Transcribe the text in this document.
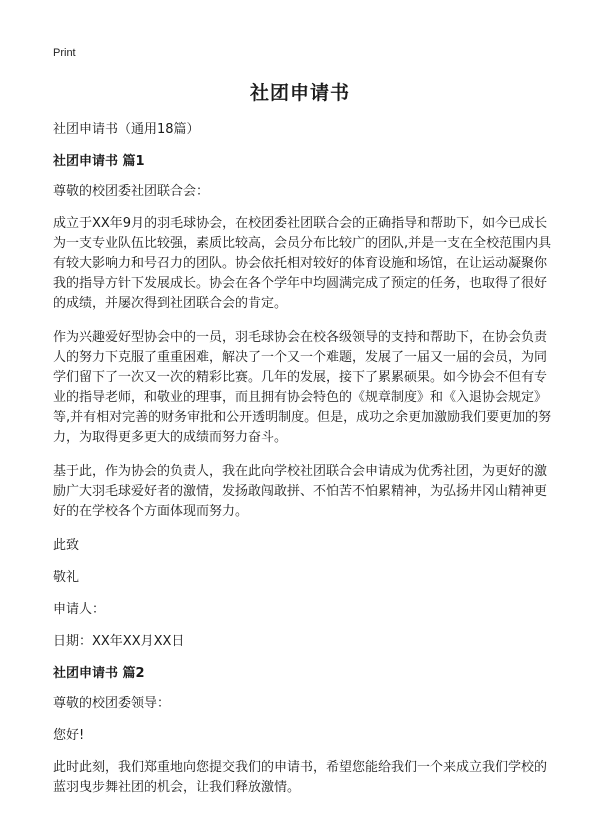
Print
社团申请书

社团申请书（通用18篇）

社团申请书 篇1

尊敬的校团委社团联合会：

成立于XX年9月的羽毛球协会，在校团委社团联合会的正确指导和帮助下，如今已成长为一支专业队伍比较强，素质比较高，会员分布比较广的团队,并是一支在全校范围内具有较大影响力和号召力的团队。协会依托相对较好的体育设施和场馆，在让运动凝聚你我的指导方针下发展成长。协会在各个学年中均圆满完成了预定的任务，也取得了很好的成绩，并屡次得到社团联合会的肯定。

作为兴趣爱好型协会中的一员，羽毛球协会在校各级领导的支持和帮助下，在协会负责人的努力下克服了重重困难，解决了一个又一个难题，发展了一届又一届的会员，为同学们留下了一次又一次的精彩比赛。几年的发展，接下了累累硕果。如今协会不但有专业的指导老师，和敬业的理事，而且拥有协会特色的《规章制度》和《入退协会规定》等,并有相对完善的财务审批和公开透明制度。但是，成功之余更加激励我们要更加的努力，为取得更多更大的成绩而努力奋斗。

基于此，作为协会的负责人，我在此向学校社团联合会申请成为优秀社团，为更好的激励广大羽毛球爱好者的激情，发扬敢闯敢拼、不怕苦不怕累精神，为弘扬井冈山精神更好的在学校各个方面体现而努力。

此致

敬礼

申请人：

日期：XX年XX月XX日

社团申请书 篇2

尊敬的校团委领导：

您好!

此时此刻，我们郑重地向您提交我们的申请书，希望您能给我们一个来成立我们学校的蓝羽曳步舞社团的机会，让我们释放激情。
